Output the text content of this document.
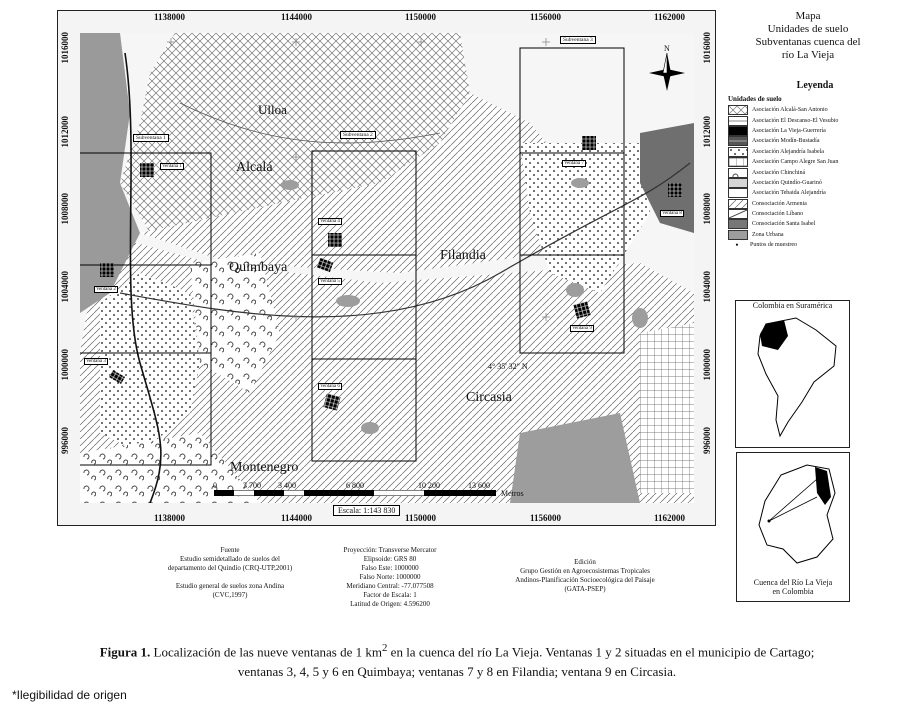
1138000	1144000	1150000	1156000	1162000
1138000	1144000	1150000	1156000	1162000
1016000
1012000
1008000
1004000
1000000
996000
1016000
1012000
1008000
1004000
1000000
996000
Ulloa
Alcalá
Quimbaya
Filandia
Circasia
Montenegro
Subventana 1	Subventana 2
Subventana 3
Ventana 1
Ventana 2
Ventana 3
Ventana 4
Ventana 5
Ventana 6
Ventana 7
Ventana 8
Ventana 9
4° 35' 32" N
N
0	3 700 3 400	6 800	10 200	13 600
Metros
Escala: 1:143 830
Mapa
Unidades de suelo
Subventanas cuenca del
río La Vieja
Leyenda
Unidades de suelo
Asociación Alcalá-San Antonio
Asociación El Descanso-El Vesubio
Asociación La Vieja-Guerrería
Asociación Modín-Bustadía
Asociación Alejandría Isabela
Asociación Campo Alegre San Juan
Asociación Chinchiná
Asociación Quindío-Guarinó
Asociación Tebaida Alejandría
Consociación Armenia
Consociación Líbano
Consociación Santa Isabel
Zona Urbana
•	Puntos de muestreo
Colombia en Suramérica
Cuenca del Río La Vieja
en Colombia
Fuente
Estudio semidetallado de suelos del
departamento del Quindío (CRQ-UTP,2001)

Estudio general de suelos zona Andina
(CVC,1997)
Proyección: Transverse Mercator
Elipsoide: GRS 80
Falso Este: 1000000
Falso Norte: 1000000
Meridiano Central: -77.077508
Factor de Escala: 1
Latitud de Origen: 4.596200
Edición
Grupo Gestión en Agroecosistemas Tropicales
Andinos-Planificación Socioecológica del Paisaje
(GATA-PSEP)
Figura 1. Localización de las nueve ventanas de 1 $km^2$ en la cuenca del río La Vieja. Ventanas 1 y 2 situadas en el municipio de Cartago;
ventanas 3, 4, 5 y 6 en Quimbaya; ventanas 7 y 8 en Filandia; ventana 9 en Circasia.
*Ilegibilidad de origen
